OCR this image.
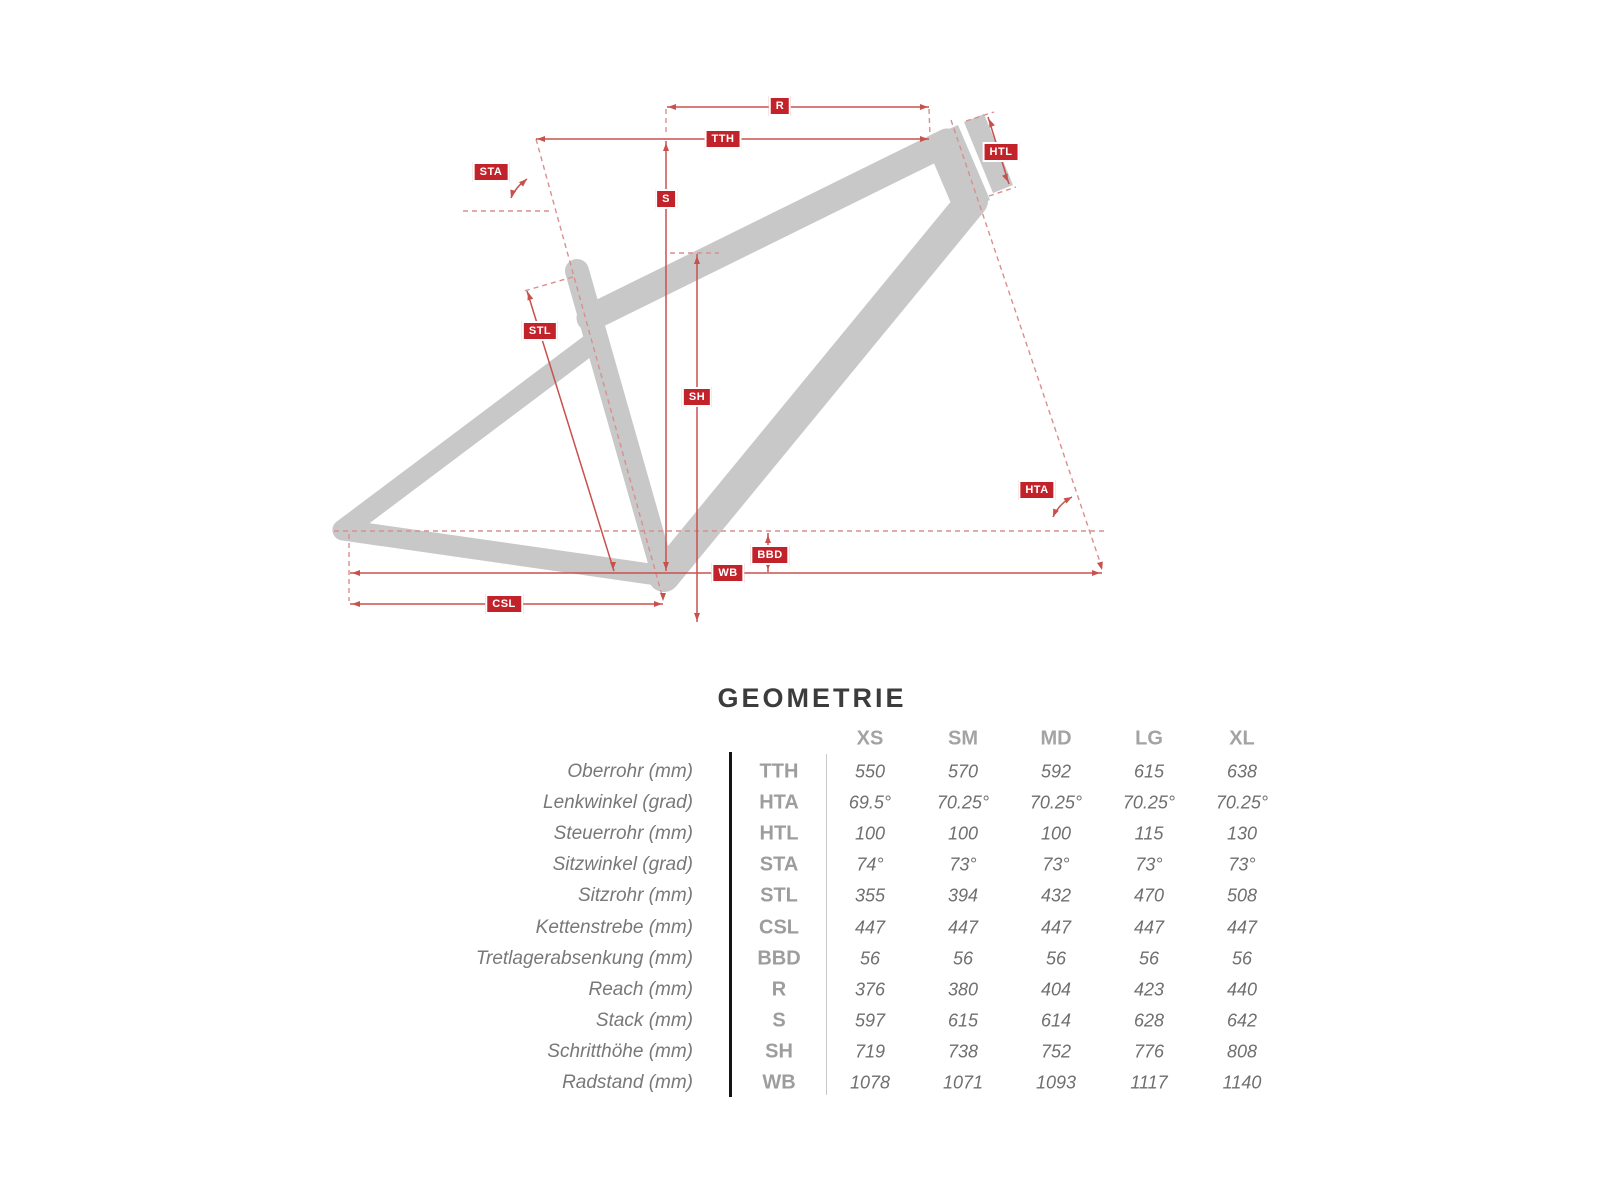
R
TTH
HTL
STA
S
STL
SH
HTA
BBD
WB
CSL
GEOMETRIE
XS	SM	MD	LG	XL
Oberrohr (mm)	TTH	550	570	592	615	638
Lenkwinkel (grad)	HTA	69.5°	70.25° 70.25° 70.25° 70.25°
Steuerrohr (mm)	HTL	100	100	100	115	130
Sitzwinkel (grad)	STA	74°	73°	73°	73°	73°
Sitzrohr (mm)	STL	355	394	432	470	508
Kettenstrebe (mm)	CSL	447	447	447	447	447
Tretlagerabsenkung (mm)	BBD	56	56	56	56	56
Reach (mm)	R	376	380	404	423	440
Stack (mm)	S	597	615	614	628	642
Schritthöhe (mm)	SH	719	738	752	776	808
Radstand (mm)	WB	1078	1071	1093	1117	1140
